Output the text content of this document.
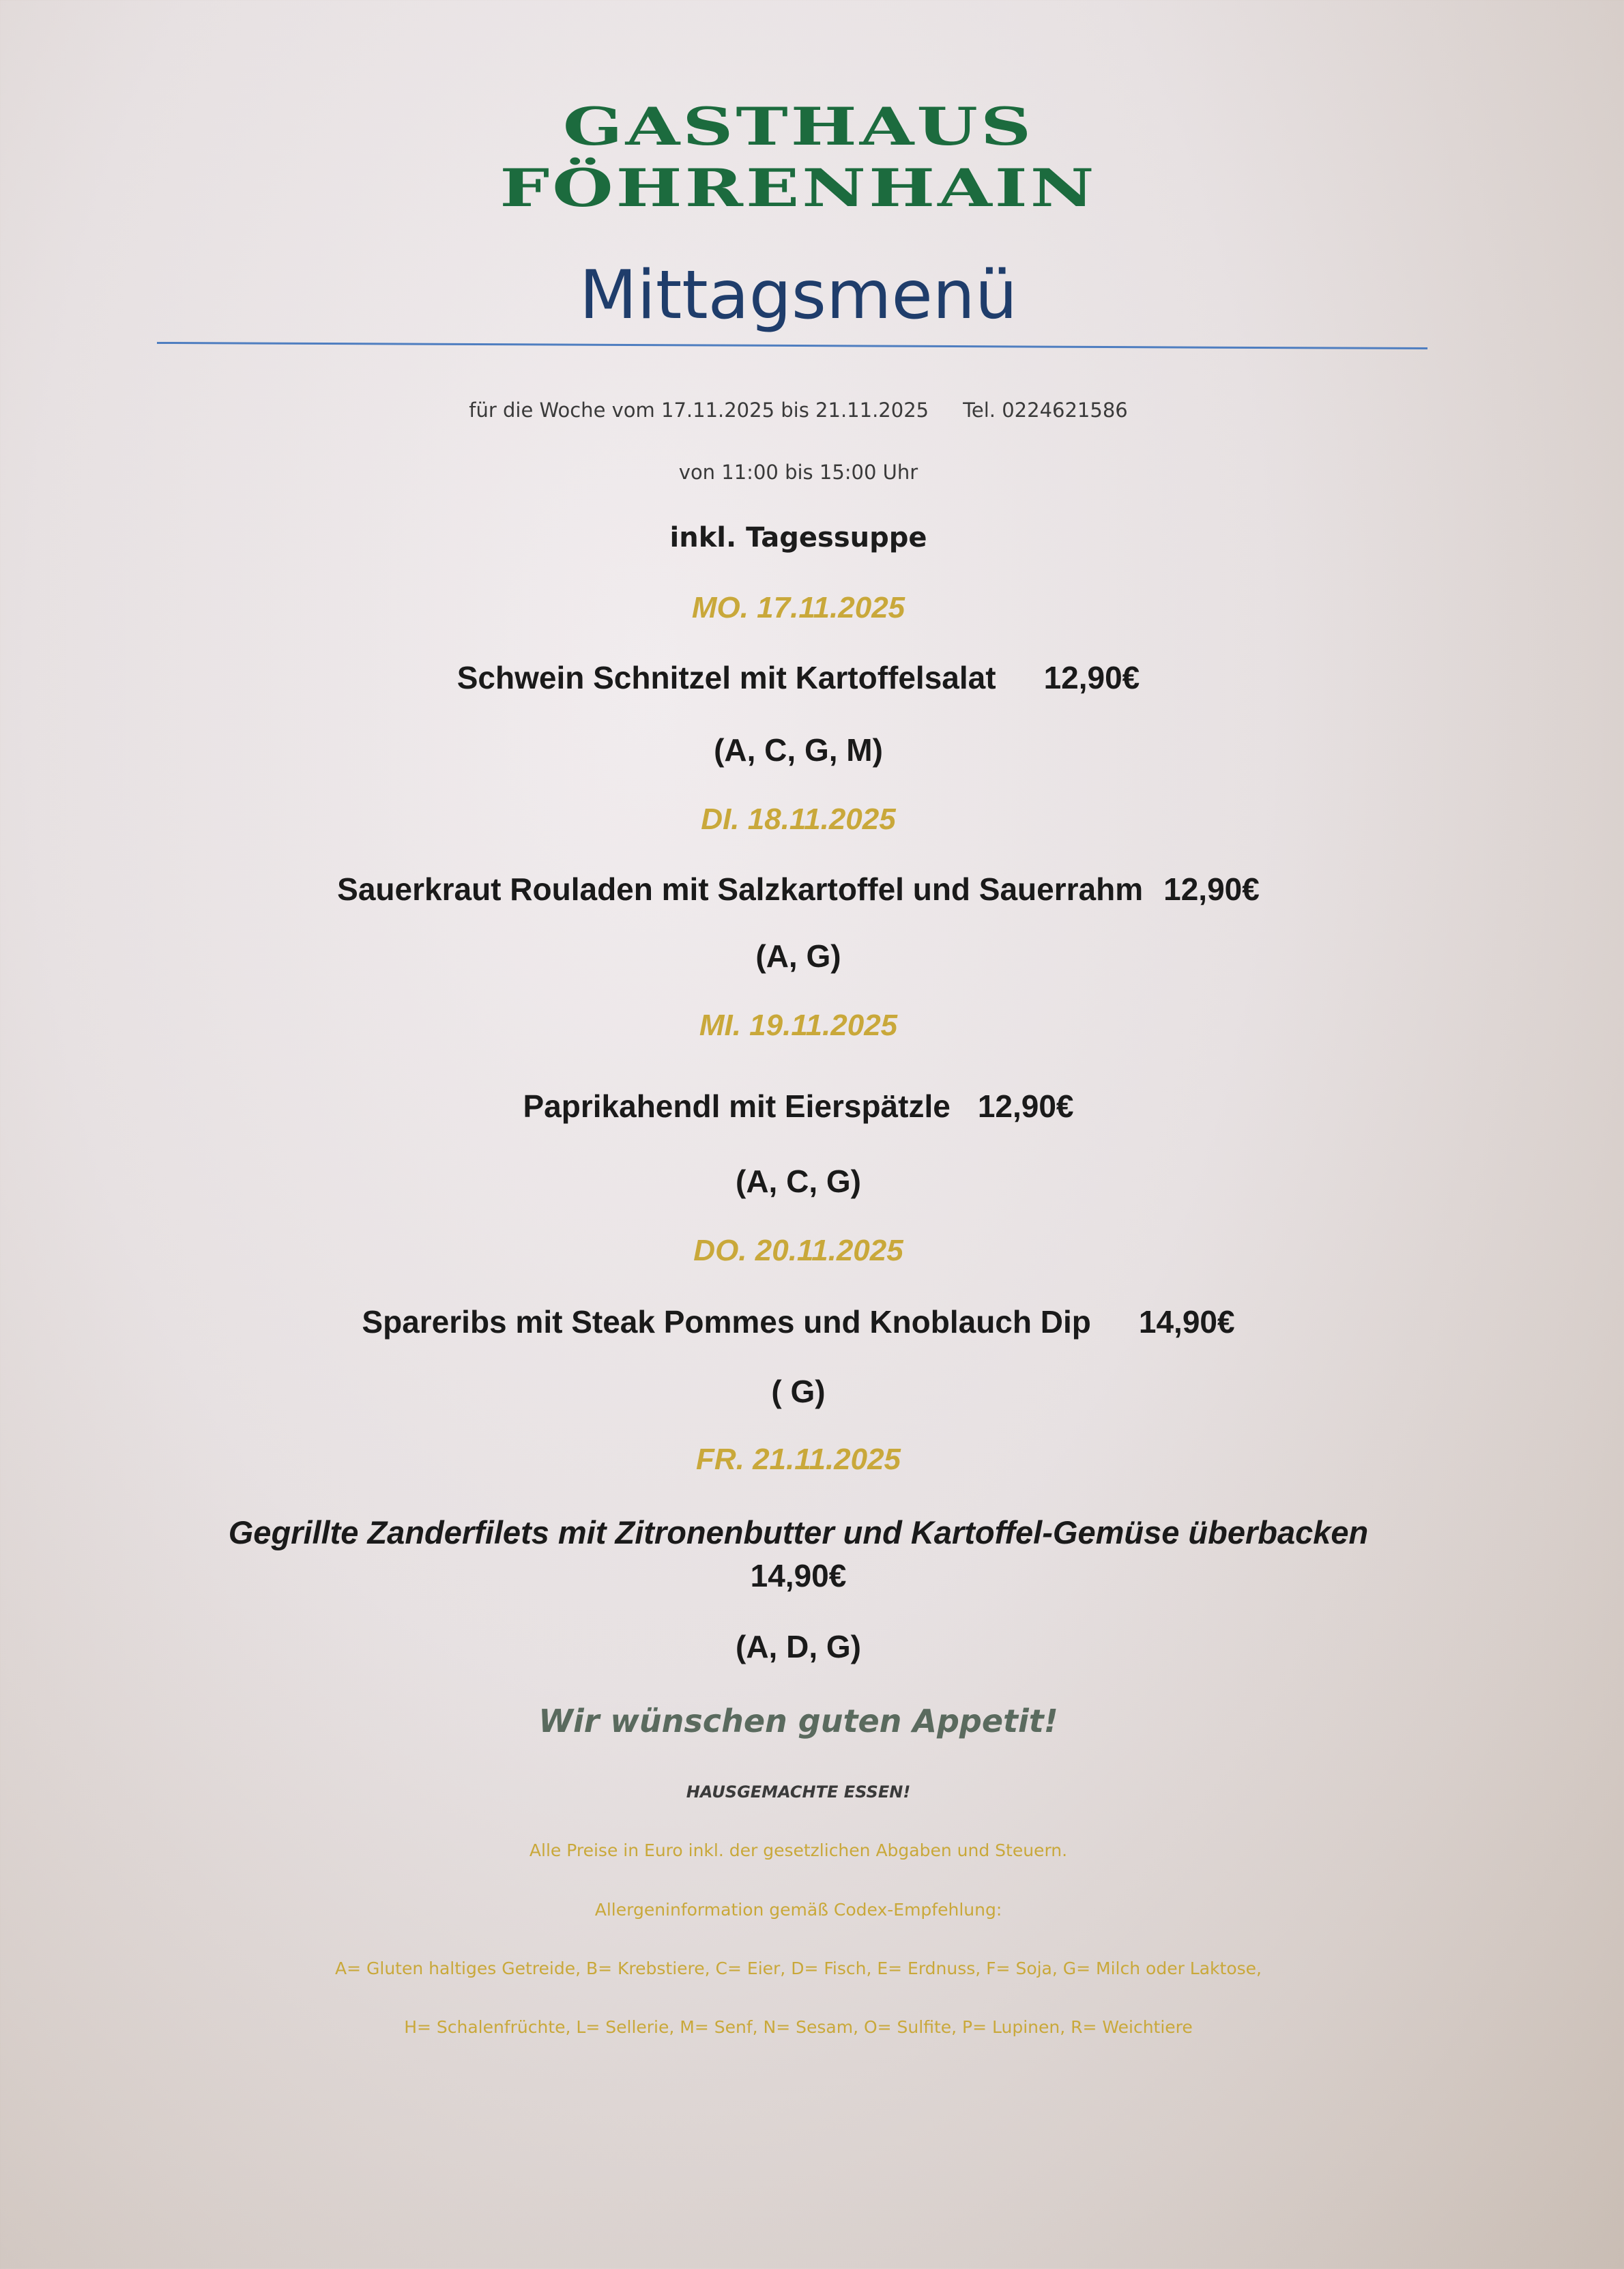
GASTHAUS
FÖHRENHAIN
Mittagsmenü
für die Woche vom 17.11.2025 bis 21.11.2025 Tel. 0224621586
von 11:00 bis 15:00 Uhr
inkl. Tagessuppe
MO. 17.11.2025
Schwein Schnitzel mit Kartoffelsalat 12,90€
(A, C, G, M)
DI. 18.11.2025
Sauerkraut Rouladen mit Salzkartoffel und Sauerrahm 12,90€
(A, G)
MI. 19.11.2025
Paprikahendl mit Eierspätzle 12,90€
(A, C, G)
DO. 20.11.2025
Spareribs mit Steak Pommes und Knoblauch Dip 14,90€
( G)
FR. 21.11.2025
Gegrillte Zanderfilets mit Zitronenbutter und Kartoffel-Gemüse überbacken
14,90€
(A, D, G)
Wir wünschen guten Appetit!
HAUSGEMACHTE ESSEN!
Alle Preise in Euro inkl. der gesetzlichen Abgaben und Steuern.
Allergeninformation gemäß Codex-Empfehlung:
A= Gluten haltiges Getreide, B= Krebstiere, C= Eier, D= Fisch, E= Erdnuss, F= Soja, G= Milch oder Laktose,
H= Schalenfrüchte, L= Sellerie, M= Senf, N= Sesam, O= Sulfite, P= Lupinen, R= Weichtiere
